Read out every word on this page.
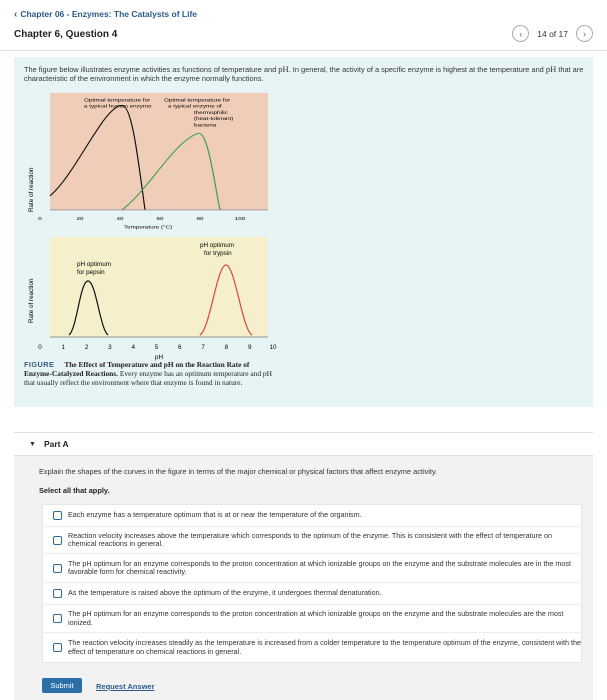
‹ Chapter 06 - Enzymes: The Catalysts of Life
Chapter 6, Question 4	‹ 14 of 17 ›
The figure below illustrates enzyme activities as functions of temperature and pH. In general, the activity of a specific enzyme is highest at the temperature and pH that are characteristic of the environment in which the enzyme normally functions.
Optimal temperature for
a typical human enzyme
Optimal temperature for
a typical enzyme of
thermophilic
(heat-tolerant)
bacteria
Temperature (°C)
0	20	40	60	80	100
Rate of reaction
pH optimum
for pepsin
pH optimum
for trypsin
pH
0	1	2	3	4	5	6	7	8	9	10
Rate of reaction
FIGURE The Effect of Temperature and pH on the Reaction Rate of Enzyme-Catalyzed Reactions. Every enzyme has an optimum temperature and pH that usually reflect the environment where that enzyme is found in nature.
▼ Part A
Explain the shapes of the curves in the figure in terms of the major chemical or physical factors that affect enzyme activity.
Select all that apply.
Each enzyme has a temperature optimum that is at or near the temperature of the organism.
Reaction velocity increases above the temperature which corresponds to the optimum of the enzyme. This is consistent with the effect of temperature on chemical reactions in general.
The pH optimum for an enzyme corresponds to the proton concentration at which ionizable groups on the enzyme and the substrate molecules are in the most favorable form for chemical reactivity.
As the temperature is raised above the optimum of the enzyme, it undergoes thermal denaturation.
The pH optimum for an enzyme corresponds to the proton concentration at which ionizable groups on the enzyme and the substrate molecules are the most ionized.
The reaction velocity increases steadily as the temperature is increased from a colder temperature to the temperature optimum of the enzyme, consistent with the effect of temperature on chemical reactions in general.
Submit	Request Answer
